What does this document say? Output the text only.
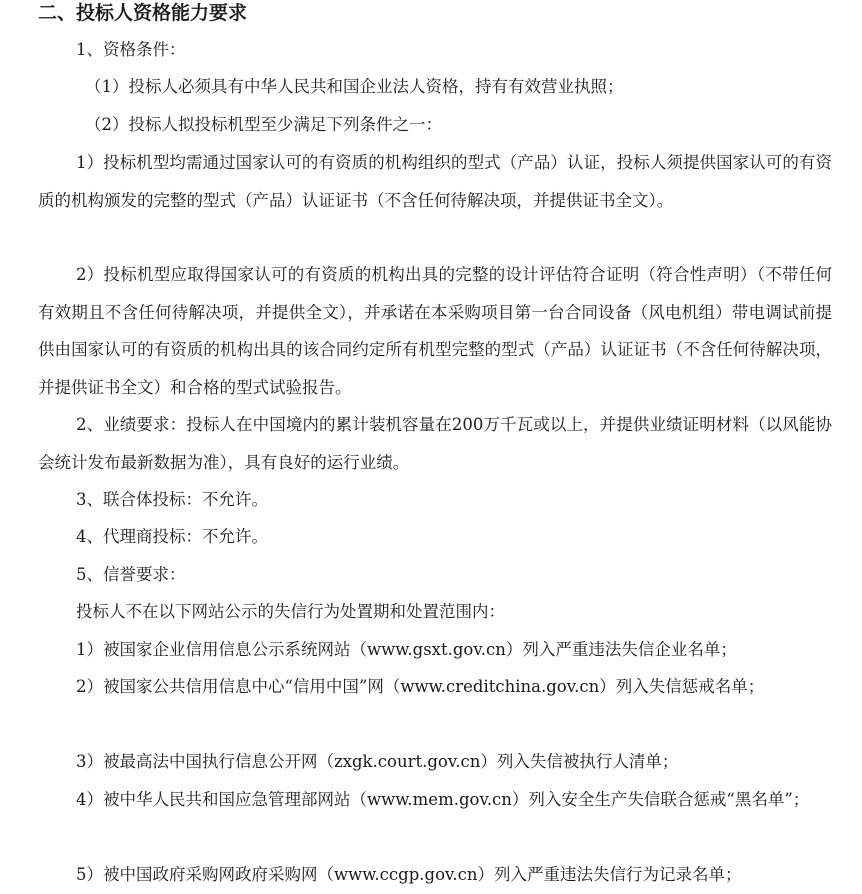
二、投标人资格能力要求

1、资格条件：

（1）投标人必须具有中华人民共和国企业法人资格，持有有效营业执照；

（2）投标人拟投标机型至少满足下列条件之一：

1）投标机型均需通过国家认可的有资质的机构组织的型式（产品）认证，投标人须提供国家认可的有资质的机构颁发的完整的型式（产品）认证证书（不含任何待解决项，并提供证书全文）。

2）投标机型应取得国家认可的有资质的机构出具的完整的设计评估符合证明（符合性声明）（不带任何有效期且不含任何待解决项，并提供全文），并承诺在本采购项目第一台合同设备（风电机组）带电调试前提供由国家认可的有资质的机构出具的该合同约定所有机型完整的型式（产品）认证证书（不含任何待解决项，并提供证书全文）和合格的型式试验报告。

2、业绩要求：投标人在中国境内的累计装机容量在200万千瓦或以上，并提供业绩证明材料（以风能协会统计发布最新数据为准），具有良好的运行业绩。

3、联合体投标：不允许。

4、代理商投标：不允许。

5、信誉要求：

投标人不在以下网站公示的失信行为处置期和处置范围内：

1）被国家企业信用信息公示系统网站（www.gsxt.gov.cn）列入严重违法失信企业名单；

2）被国家公共信用信息中心“信用中国”网（www.creditchina.gov.cn）列入失信惩戒名单；

3）被最高法中国执行信息公开网（zxgk.court.gov.cn）列入失信被执行人清单；

4）被中华人民共和国应急管理部网站（www.mem.gov.cn）列入安全生产失信联合惩戒“黑名单”；

5）被中国政府采购网政府采购网（www.ccgp.gov.cn）列入严重违法失信行为记录名单；
